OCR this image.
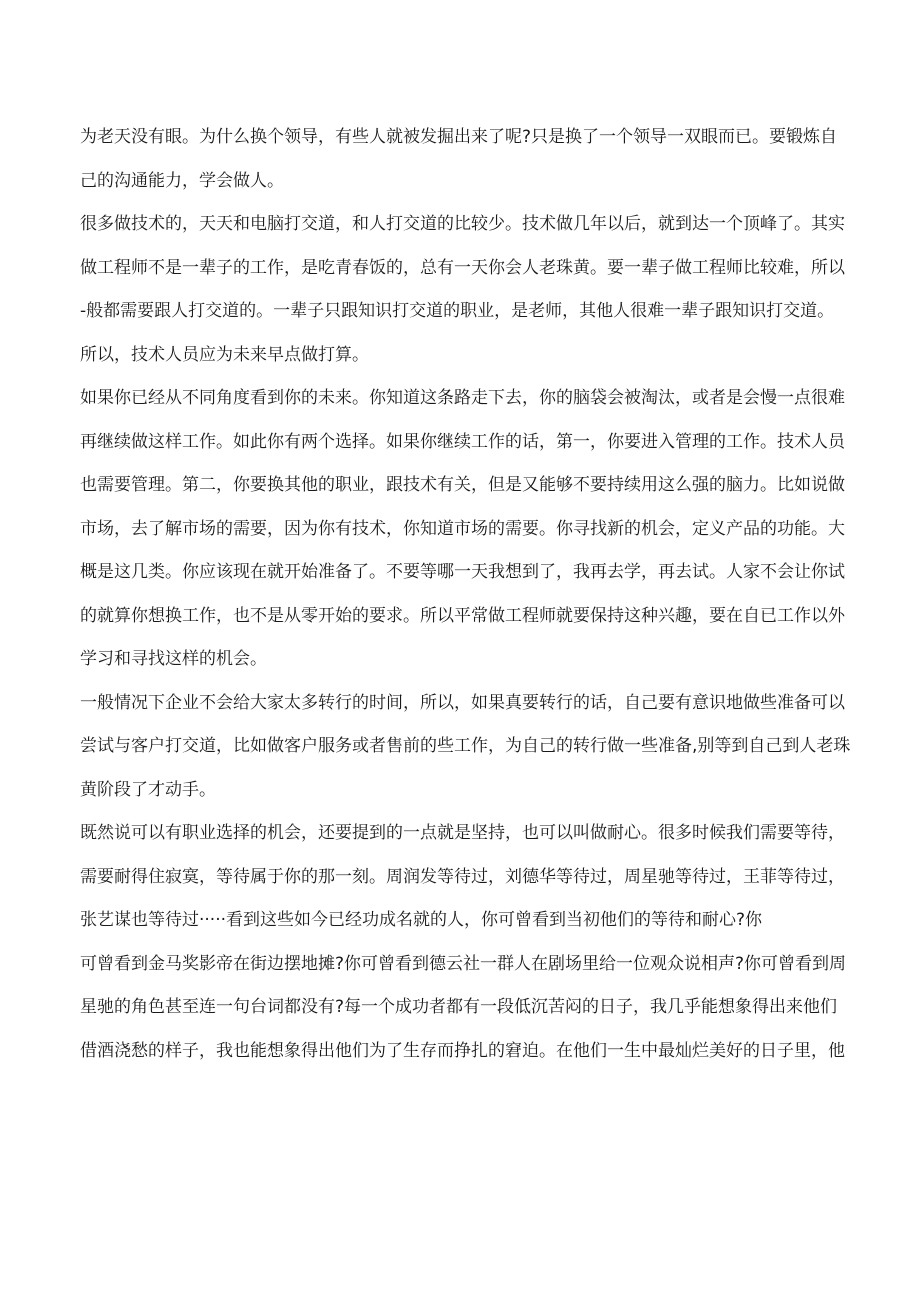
为老天没有眼。为什么换个领导，有些人就被发掘出来了呢?只是换了一个领导一双眼而已。要锻炼自
己的沟通能力，学会做人。
很多做技术的，天天和电脑打交道，和人打交道的比较少。技术做几年以后，就到达一个顶峰了。其实
做工程师不是一辈子的工作，是吃青春饭的，总有一天你会人老珠黄。要一辈子做工程师比较难，所以
-般都需要跟人打交道的。一辈子只跟知识打交道的职业，是老师，其他人很难一辈子跟知识打交道。
所以，技术人员应为未来早点做打算。
如果你已经从不同角度看到你的未来。你知道这条路走下去，你的脑袋会被淘汰，或者是会慢一点很难
再继续做这样工作。如此你有两个选择。如果你继续工作的话，第一，你要进入管理的工作。技术人员
也需要管理。第二，你要换其他的职业，跟技术有关，但是又能够不要持续用这么强的脑力。比如说做
市场，去了解市场的需要，因为你有技术，你知道市场的需要。你寻找新的机会，定义产品的功能。大
概是这几类。你应该现在就开始准备了。不要等哪一天我想到了，我再去学，再去试。人家不会让你试
的就算你想换工作，也不是从零开始的要求。所以平常做工程师就要保持这种兴趣，要在自已工作以外
学习和寻找这样的机会。
一般情况下企业不会给大家太多转行的时间，所以，如果真要转行的话，自己要有意识地做些准备可以
尝试与客户打交道，比如做客户服务或者售前的些工作，为自己的转行做一些准备,别等到自己到人老珠
黄阶段了才动手。
既然说可以有职业选择的机会，还要提到的一点就是坚持，也可以叫做耐心。很多时候我们需要等待，
需要耐得住寂寞，等待属于你的那一刻。周润发等待过，刘德华等待过，周星驰等待过，王菲等待过，
张艺谋也等待过·····看到这些如今已经功成名就的人，你可曾看到当初他们的等待和耐心?你
可曾看到金马奖影帝在街边摆地摊?你可曾看到德云社一群人在剧场里给一位观众说相声?你可曾看到周
星驰的角色甚至连一句台词都没有?每一个成功者都有一段低沉苦闷的日子，我几乎能想象得出来他们
借酒浇愁的样子，我也能想象得出他们为了生存而挣扎的窘迫。在他们一生中最灿烂美好的日子里，他
